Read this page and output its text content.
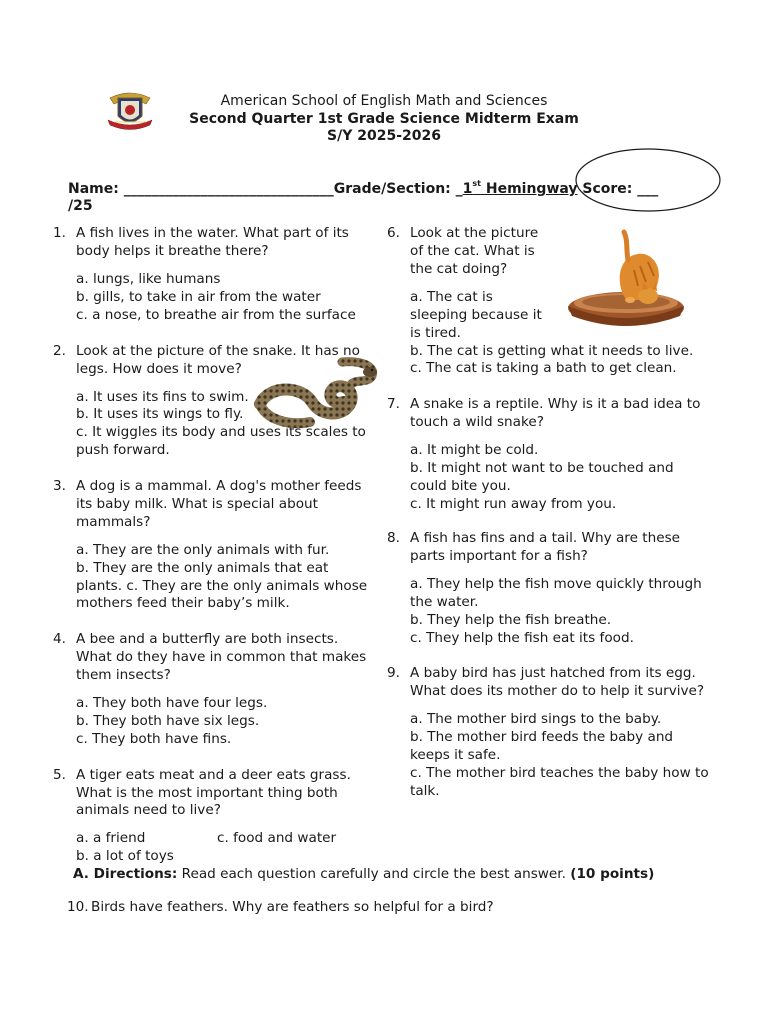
American School of English Math and Sciences
Second Quarter 1st Grade Science Midterm Exam
S/Y 2025-2026
Name: ______________________________Grade/Section: _1st Hemingway Score: ___
/25
1. A fish lives in the water. What part of its
body helps it breathe there?
a. lungs, like humans
b. gills, to take in air from the water
c. a nose, to breathe air from the surface
2. Look at the picture of the snake. It has no
legs. How does it move?
a. It uses its fins to swim.
b. It uses its wings to fly.
c. It wiggles its body and uses its scales to
push forward.
3. A dog is a mammal. A dog's mother feeds
its baby milk. What is special about
mammals?
a. They are the only animals with fur.
b. They are the only animals that eat
plants. c. They are the only animals whose
mothers feed their baby’s milk.
4. A bee and a butterfly are both insects.
What do they have in common that makes
them insects?
a. They both have four legs.
b. They both have six legs.
c. They both have fins.
5. A tiger eats meat and a deer eats grass.
What is the most important thing both
animals need to live?
a. a friend	c. food and water
b. a lot of toys
6. Look at the picture
of the cat. What is
the cat doing?
a. The cat is
sleeping because it
is tired.
b. The cat is getting what it needs to live.
c. The cat is taking a bath to get clean.
7. A snake is a reptile. Why is it a bad idea to
touch a wild snake?
a. It might be cold.
b. It might not want to be touched and
could bite you.
c. It might run away from you.
8. A fish has fins and a tail. Why are these
parts important for a fish?
a. They help the fish move quickly through
the water.
b. They help the fish breathe.
c. They help the fish eat its food.
9. A baby bird has just hatched from its egg.
What does its mother do to help it survive?
a. The mother bird sings to the baby.
b. The mother bird feeds the baby and
keeps it safe.
c. The mother bird teaches the baby how to
talk.
A. Directions: Read each question carefully and circle the best answer. (10 points)
10. Birds have feathers. Why are feathers so helpful for a bird?
